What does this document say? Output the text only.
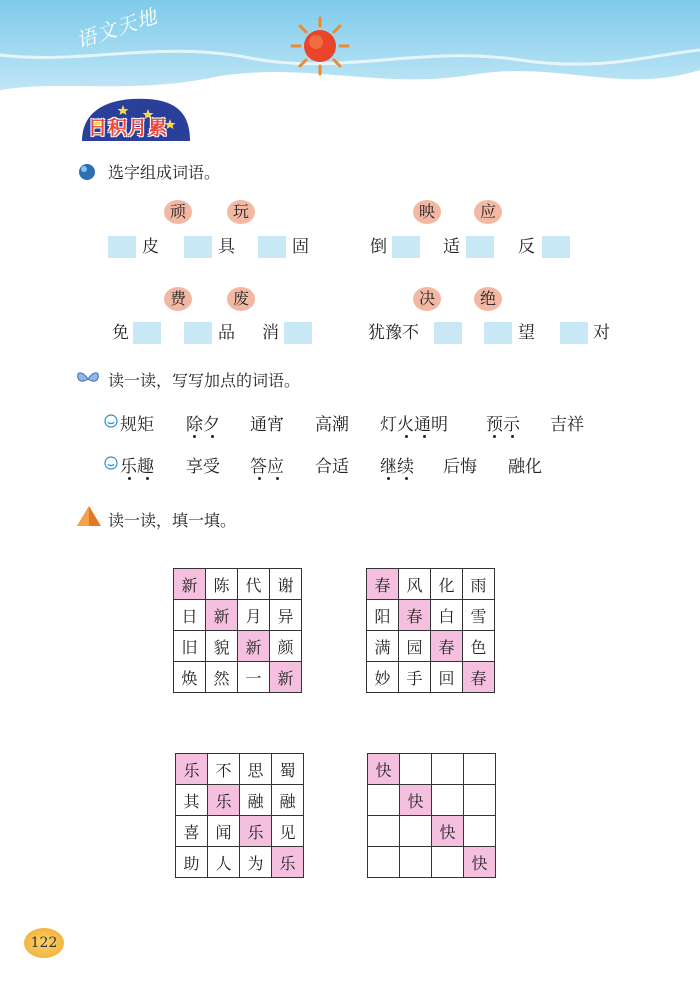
语文天地
日积月累
选字组成词语。
顽	玩
皮	具	固
映	应
倒	适	反
费	废
免	品 消
决	绝
犹豫不	望	对
读一读，写写加点的词语。
规矩 除夕 通宵 高潮 灯火通明 预示 吉祥
乐趣 享受 答应 合适 继续 后悔 融化
读一读，填一填。
新	陈	代	谢
日	新	月	异
旧	貌	新	颜
焕	然	一	新
春	风	化	雨
阳	春	白	雪
满	园	春	色
妙	手	回	春
乐	不	思	蜀
其	乐	融	融
喜	闻	乐	见
助	人	为	乐
快			
	快		
		快	
			快
122
